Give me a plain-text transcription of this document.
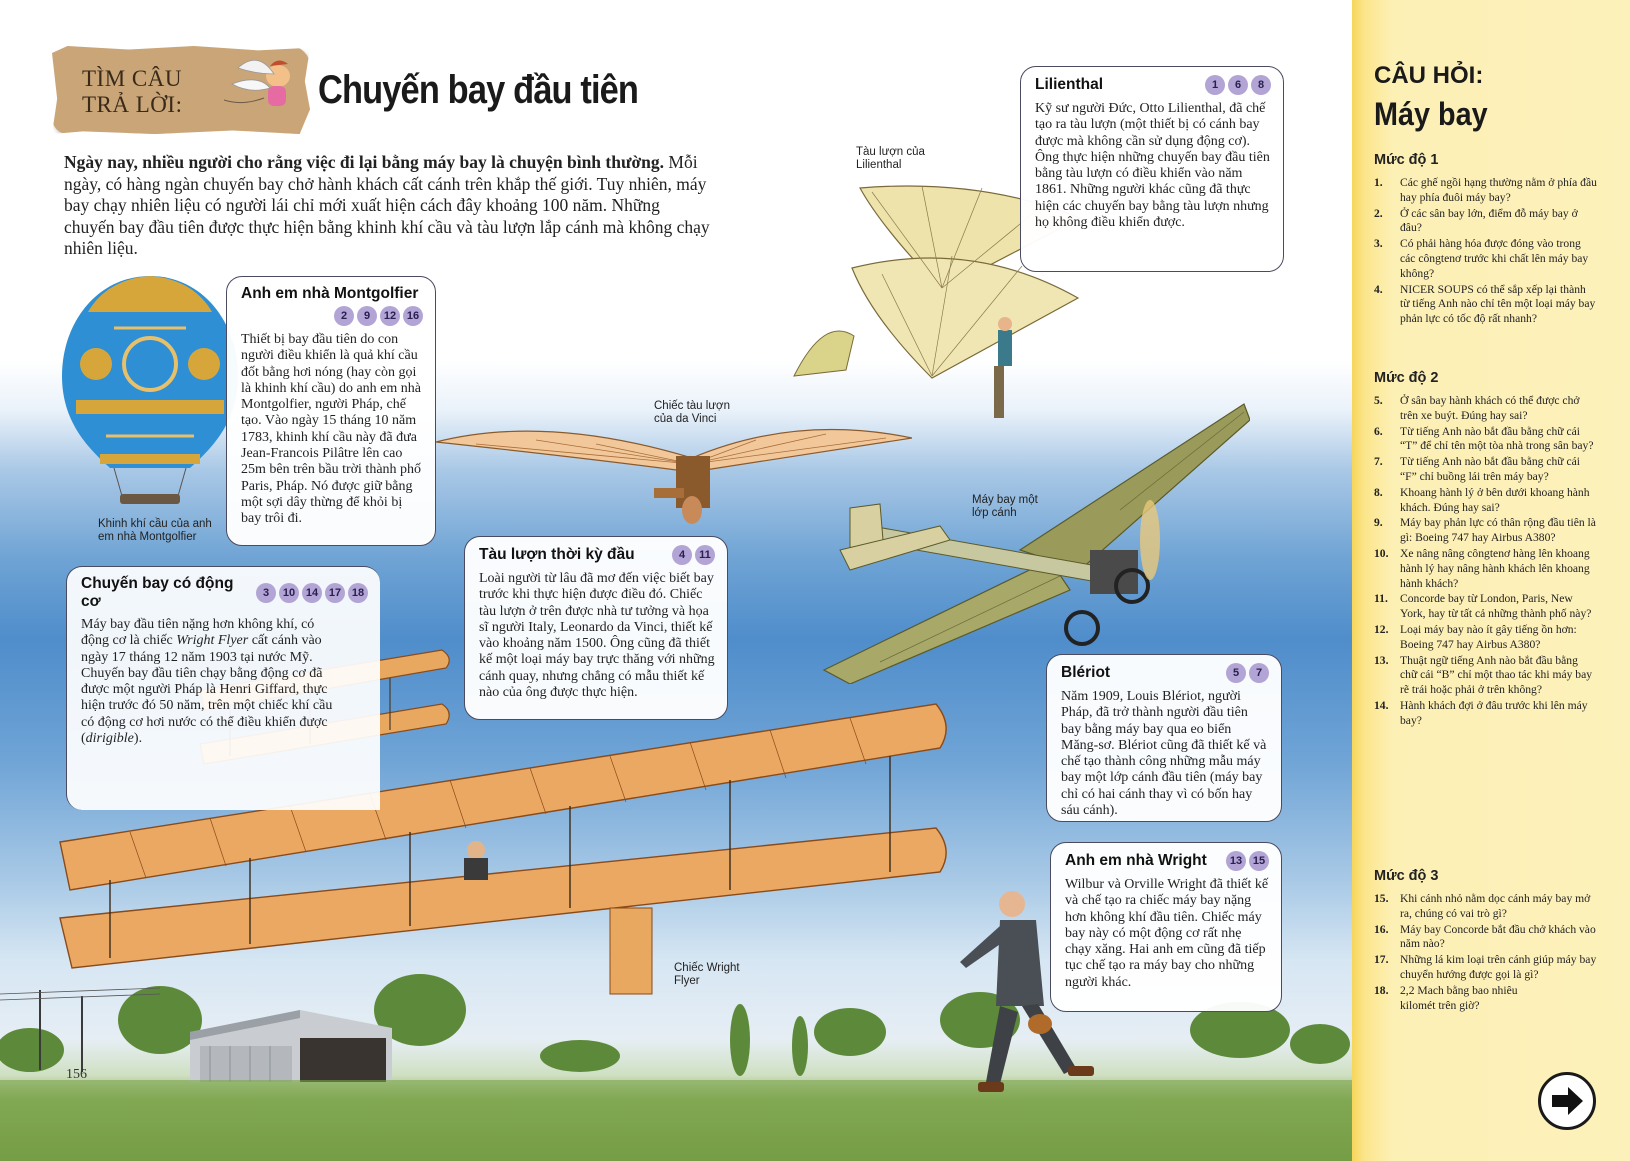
TÌM CÂU TRẢ LỜI:	Chuyến bay đầu tiên

Ngày nay, nhiều người cho rằng việc đi lại bằng máy bay là chuyện bình thường. Mỗi ngày, có hàng ngàn chuyến bay chở hành khách cất cánh trên khắp thế giới. Tuy nhiên, máy bay chạy nhiên liệu có người lái chỉ mới xuất hiện cách đây khoảng 100 năm. Những chuyến bay đầu tiên được thực hiện bằng khinh khí cầu và tàu lượn lắp cánh mà không chạy nhiên liệu.

Khinh khí cầu của anh em nhà Montgolfier
Anh em nhà Montgolfier
2	9	12 16
Thiết bị bay đầu tiên do con người điều khiển là quả khí cầu đốt bằng hơi nóng (hay còn gọi là khinh khí cầu) do anh em nhà Montgolfier, người Pháp, chế tạo. Vào ngày 15 tháng 10 năm 1783, khinh khí cầu này đã đưa Jean-Francois Pilâtre lên cao 25m bên trên bầu trời thành phố Paris, Pháp. Nó được giữ bằng một sợi dây thừng để khỏi bị bay trôi đi.
Chiếc tàu lượn của da Vinci
Tàu lượn của Lilienthal
Lilienthal	1	6	8
Kỹ sư người Đức, Otto Lilienthal, đã chế tạo ra tàu lượn (một thiết bị có cánh bay được mà không cần sử dụng động cơ). Ông thực hiện những chuyến bay đầu tiên bằng tàu lượn có điều khiển vào năm 1861. Những người khác cũng đã thực hiện các chuyến bay bằng tàu lượn nhưng họ không điều khiển được.
Máy bay một lớp cánh
Tàu lượn thời kỳ đầu	4	11
Loài người từ lâu đã mơ đến việc biết bay trước khi thực hiện được điều đó. Chiếc tàu lượn ở trên được nhà tư tưởng và họa sĩ người Italy, Leonardo da Vinci, thiết kế vào khoảng năm 1500. Ông cũng đã thiết kế một loại máy bay trực thăng với những cánh quay, nhưng chẳng có mẫu thiết kế nào của ông được thực hiện.
Chiếc Wright Flyer
Chuyến bay có động cơ	3	10 14 17 18
Máy bay đầu tiên nặng hơn không khí, có động cơ là chiếc Wright Flyer cất cánh vào ngày 17 tháng 12 năm 1903 tại nước Mỹ. Chuyến bay đầu tiên chạy bằng động cơ đã được một người Pháp là Henri Giffard, thực hiện trước đó 50 năm, trên một chiếc khí cầu có động cơ hơi nước có thể điều khiển được (dirigible).
Blériot	5	7
Năm 1909, Louis Blériot, người Pháp, đã trở thành người đầu tiên bay bằng máy bay qua eo biển Măng-sơ. Blériot cũng đã thiết kế và chế tạo thành công những mẫu máy bay một lớp cánh đầu tiên (máy bay chỉ có hai cánh thay vì có bốn hay sáu cánh).
Anh em nhà Wright	13 15
Wilbur và Orville Wright đã thiết kế và chế tạo ra chiếc máy bay nặng hơn không khí đầu tiên. Chiếc máy bay này có một động cơ rất nhẹ chạy xăng. Hai anh em cũng đã tiếp tục chế tạo ra máy bay cho những người khác.
156
CÂU HỎI:
Máy bay
Mức độ 1
1.	Các ghế ngồi hạng thường nằm ở phía đầu hay phía đuôi máy bay?
2.	Ở các sân bay lớn, điểm đỗ máy bay ở đâu?
3.	Có phải hàng hóa được đóng vào trong các côngtenơ trước khi chất lên máy bay không?
4.	NICER SOUPS có thể sắp xếp lại thành từ tiếng Anh nào chỉ tên một loại máy bay phản lực có tốc độ rất nhanh?
Mức độ 2
5.	Ở sân bay hành khách có thể được chở trên xe buýt. Đúng hay sai?
6.	Từ tiếng Anh nào bắt đầu bằng chữ cái “T” để chỉ tên một tòa nhà trong sân bay?
7.	Từ tiếng Anh nào bắt đầu bằng chữ cái “F” chỉ buồng lái trên máy bay?
8.	Khoang hành lý ở bên dưới khoang hành khách. Đúng hay sai?
9.	Máy bay phản lực có thân rộng đầu tiên là gì: Boeing 747 hay Airbus A380?
10. Xe nâng nâng côngtenơ hàng lên khoang hành lý hay nâng hành khách lên khoang hành khách?
11.	Concorde bay từ London, Paris, New York, hay từ tất cả những thành phố này?
12. Loại máy bay nào ít gây tiếng ồn hơn: Boeing 747 hay Airbus A380?
13. Thuật ngữ tiếng Anh nào bắt đầu bằng chữ cái “B” chỉ một thao tác khi máy bay rẽ trái hoặc phải ở trên không?
14. Hành khách đợi ở đâu trước khi lên máy bay?
Mức độ 3
15. Khi cánh nhỏ nằm dọc cánh máy bay mở ra, chúng có vai trò gì?
16. Máy bay Concorde bắt đầu chở khách vào năm nào?
17. Những lá kim loại trên cánh giúp máy bay chuyển hướng được gọi là gì?
18. 2,2 Mach bằng bao nhiêu kilomét trên giờ?
